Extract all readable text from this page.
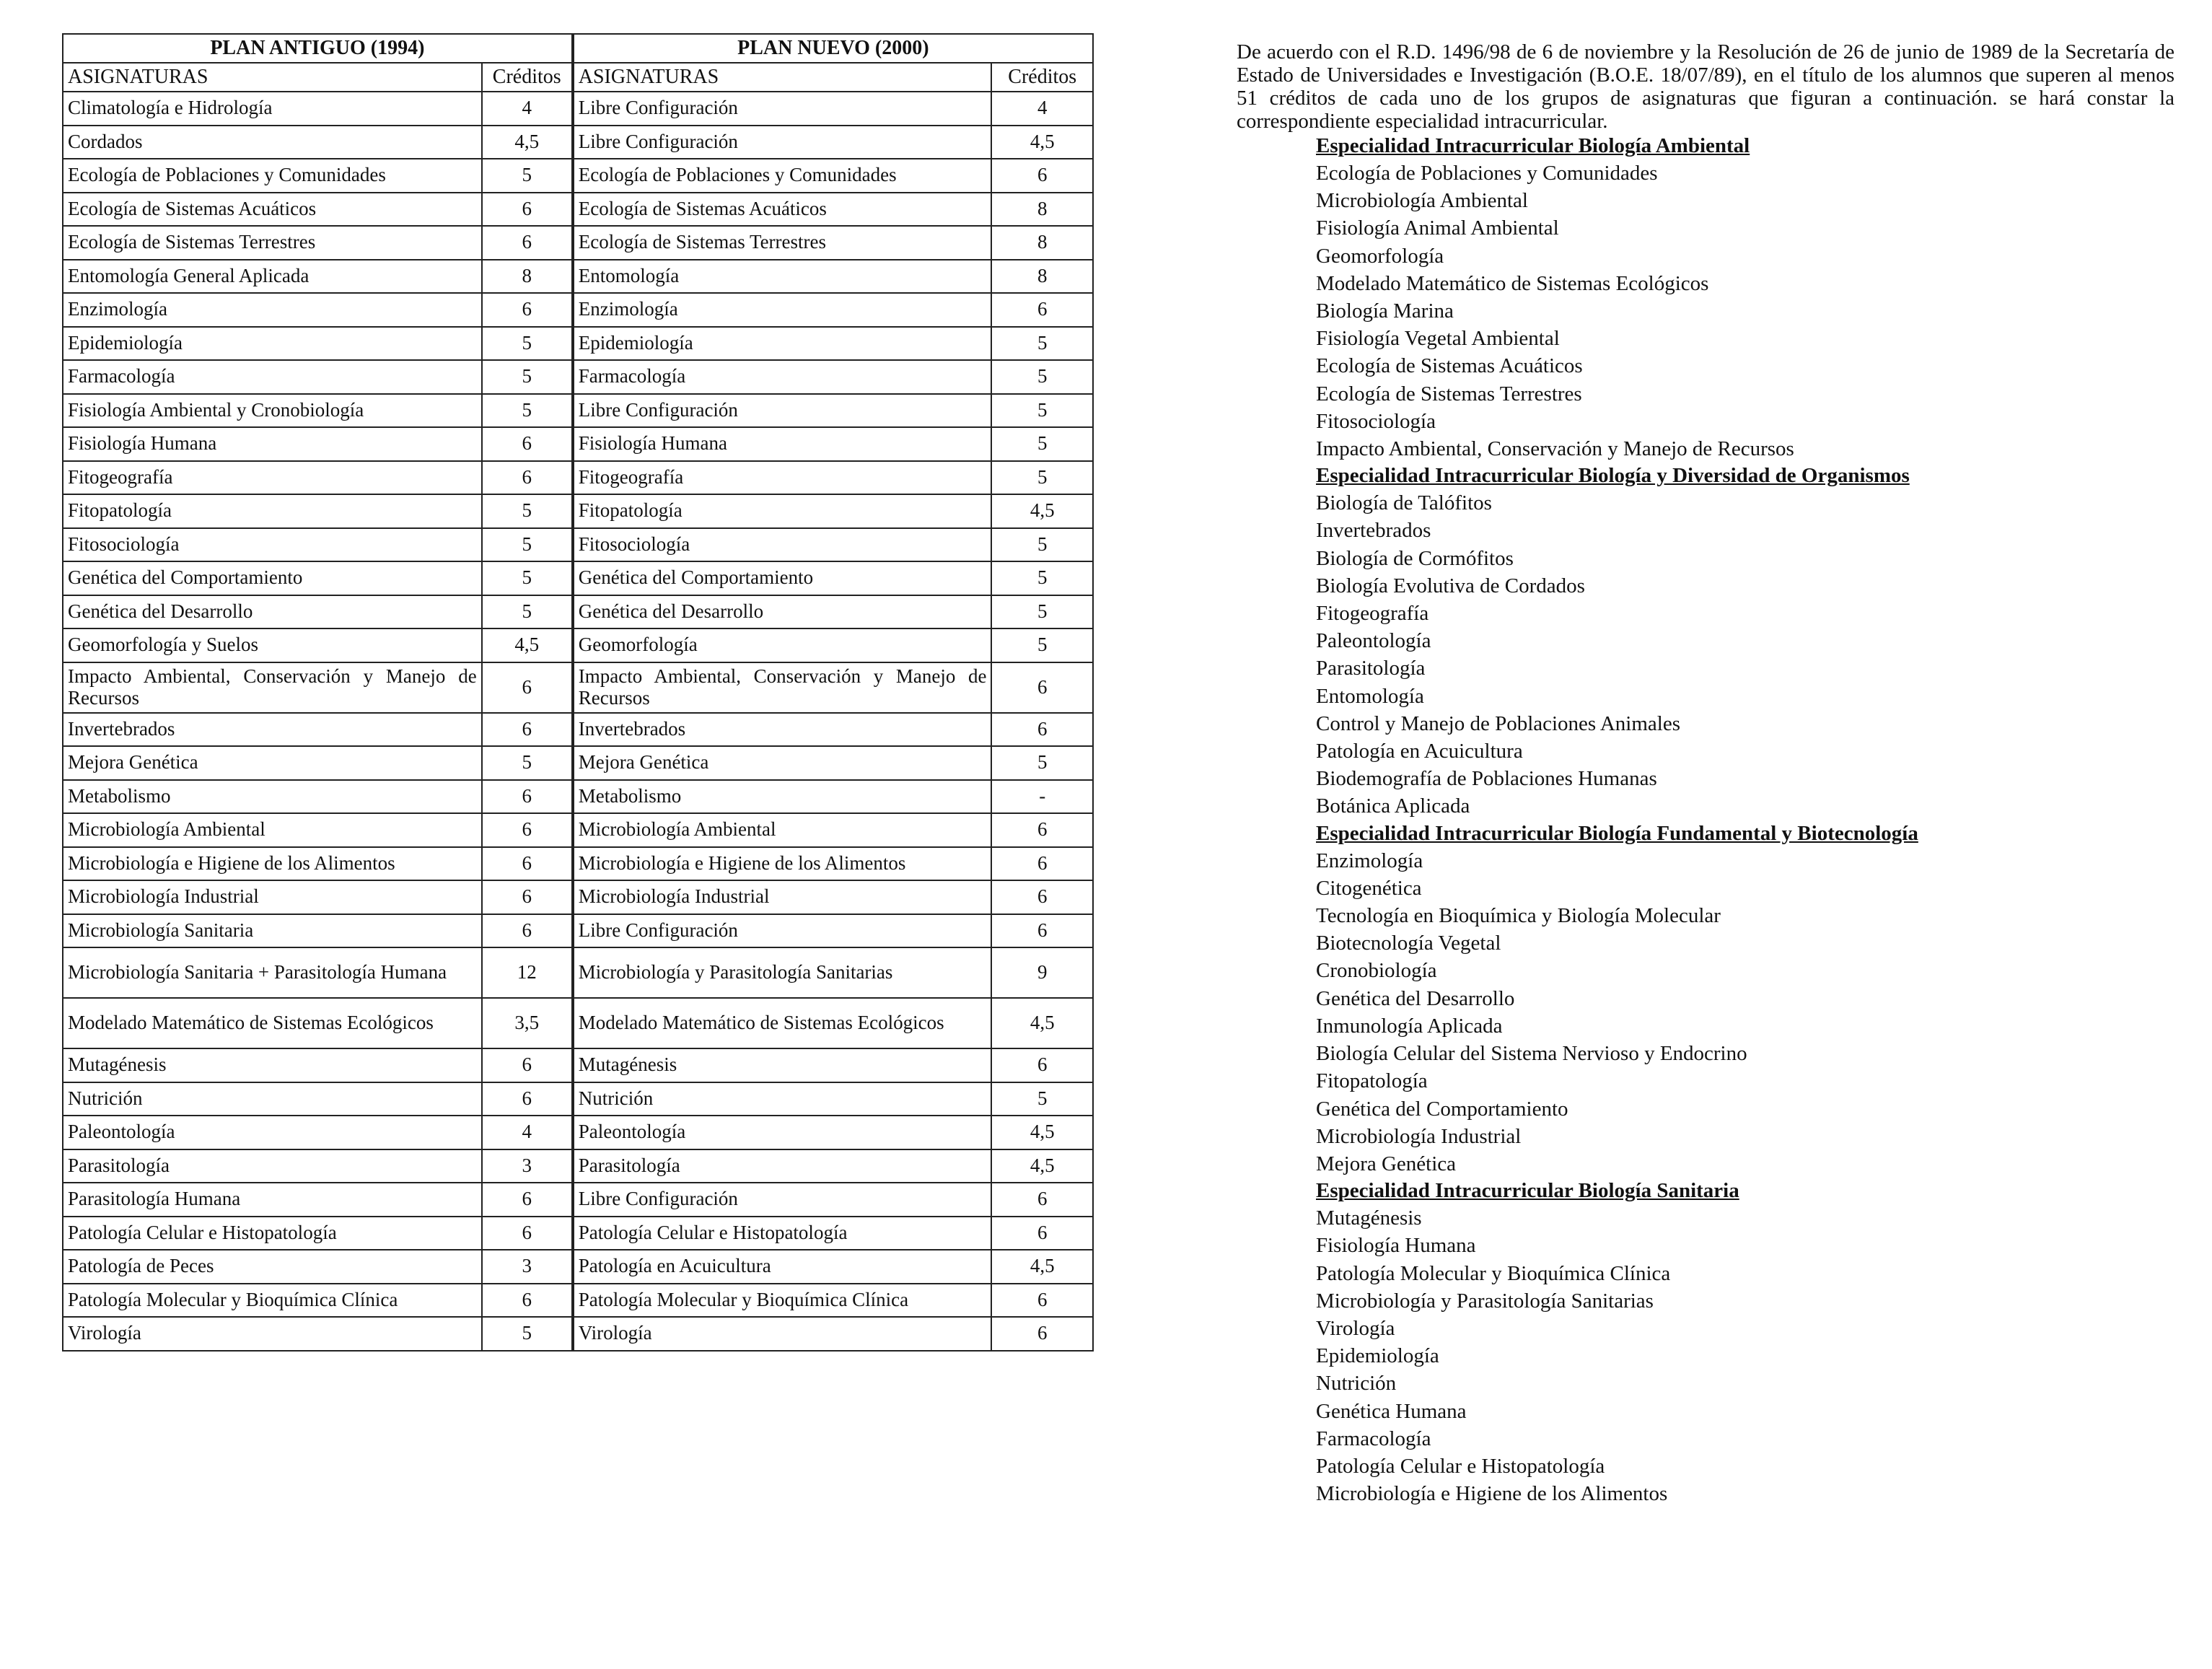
PLAN ANTIGUO (1994)		PLAN NUEVO (2000)	
ASIGNATURAS	Créditos	ASIGNATURAS	Créditos
Climatología e Hidrología	4	Libre Configuración	4
Cordados	4,5	Libre Configuración	4,5
Ecología de Poblaciones y Comunidades	5	Ecología de Poblaciones y Comunidades	6
Ecología de Sistemas Acuáticos	6	Ecología de Sistemas Acuáticos	8
Ecología de Sistemas Terrestres	6	Ecología de Sistemas Terrestres	8
Entomología General Aplicada	8	Entomología	8
Enzimología	6	Enzimología	6
Epidemiología	5	Epidemiología	5
Farmacología	5	Farmacología	5
Fisiología Ambiental y Cronobiología	5	Libre Configuración	5
Fisiología Humana	6	Fisiología Humana	5
Fitogeografía	6	Fitogeografía	5
Fitopatología	5	Fitopatología	4,5
Fitosociología	5	Fitosociología	5
Genética del Comportamiento	5	Genética del Comportamiento	5
Genética del Desarrollo	5	Genética del Desarrollo	5
Geomorfología y Suelos	4,5	Geomorfología	5
Impacto Ambiental, Conservación y Manejo de Recursos	6	Impacto Ambiental, Conservación y Manejo de Recursos	6
Invertebrados	6	Invertebrados	6
Mejora Genética	5	Mejora Genética	5
Metabolismo	6	Metabolismo	-
Microbiología Ambiental	6	Microbiología Ambiental	6
Microbiología e Higiene de los Alimentos	6	Microbiología e Higiene de los Alimentos	6
Microbiología Industrial	6	Microbiología Industrial	6
Microbiología Sanitaria	6	Libre Configuración	6
Microbiología Sanitaria + Parasitología Humana	12	Microbiología y Parasitología Sanitarias	9
Modelado Matemático de Sistemas Ecológicos	3,5	Modelado Matemático de Sistemas Ecológicos	4,5
Mutagénesis	6	Mutagénesis	6
Nutrición	6	Nutrición	5
Paleontología	4	Paleontología	4,5
Parasitología	3	Parasitología	4,5
Parasitología Humana	6	Libre Configuración	6
Patología Celular e Histopatología	6	Patología Celular e Histopatología	6
Patología de Peces	3	Patología en Acuicultura	4,5
Patología Molecular y Bioquímica Clínica	6	Patología Molecular y Bioquímica Clínica	6
Virología	5	Virología	6

De acuerdo con el R.D. 1496/98 de 6 de noviembre y la Resolución de 26 de junio de 1989 de la Secretaría de Estado de Universidades e Investigación (B.O.E. 18/07/89), en el título de los alumnos que superen al menos 51 créditos de cada uno de los grupos de asignaturas que figuran a continuación. se hará constar la correspondiente especialidad intracurricular.

Especialidad Intracurricular Biología Ambiental

Ecología de Poblaciones y Comunidades
Microbiología Ambiental
Fisiología Animal Ambiental
Geomorfología
Modelado Matemático de Sistemas Ecológicos
Biología Marina
Fisiología Vegetal Ambiental
Ecología de Sistemas Acuáticos
Ecología de Sistemas Terrestres
Fitosociología
Impacto Ambiental, Conservación y Manejo de Recursos

Especialidad Intracurricular Biología y Diversidad de Organismos

Biología de Talófitos
Invertebrados
Biología de Cormófitos
Biología Evolutiva de Cordados
Fitogeografía
Paleontología
Parasitología
Entomología
Control y Manejo de Poblaciones Animales
Patología en Acuicultura
Biodemografía de Poblaciones Humanas
Botánica Aplicada

Especialidad Intracurricular Biología Fundamental y Biotecnología

Enzimología
Citogenética
Tecnología en Bioquímica y Biología Molecular
Biotecnología Vegetal
Cronobiología
Genética del Desarrollo
Inmunología Aplicada
Biología Celular del Sistema Nervioso y Endocrino
Fitopatología
Genética del Comportamiento
Microbiología Industrial
Mejora Genética

Especialidad Intracurricular Biología Sanitaria

Mutagénesis
Fisiología Humana
Patología Molecular y Bioquímica Clínica
Microbiología y Parasitología Sanitarias
Virología
Epidemiología
Nutrición
Genética Humana
Farmacología
Patología Celular e Histopatología
Microbiología e Higiene de los Alimentos
